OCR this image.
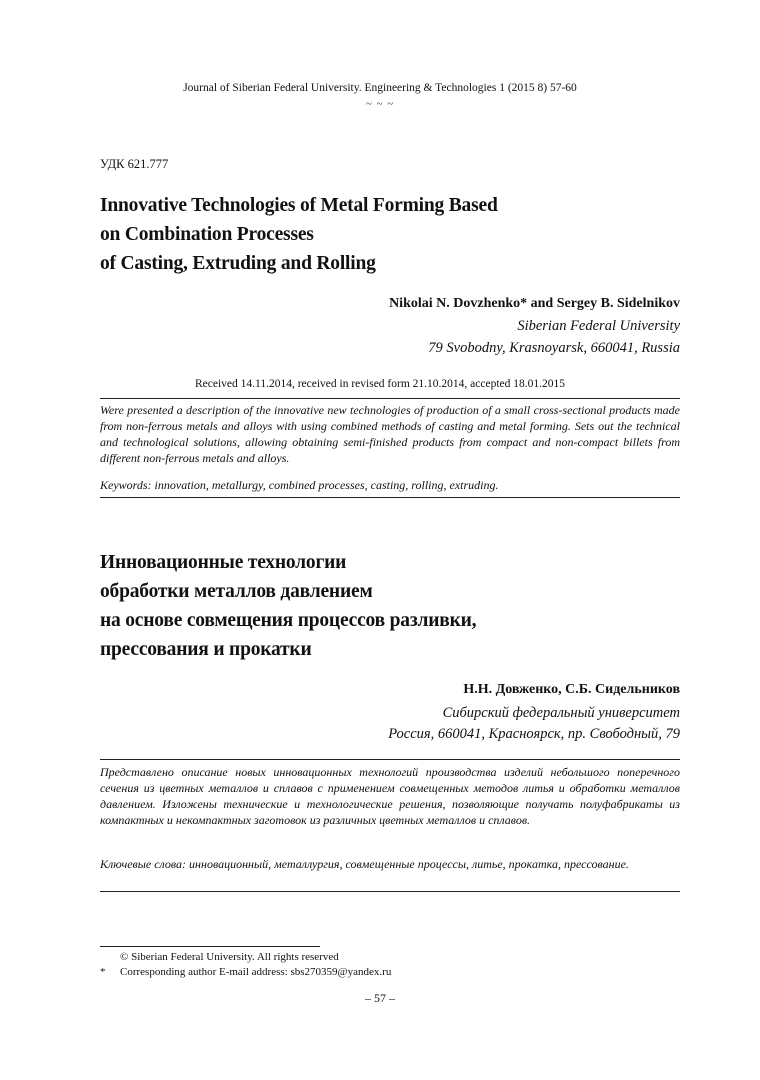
Journal of Siberian Federal University. Engineering & Technologies 1 (2015 8) 57-60
~ ~ ~
УДК 621.777
Innovative Technologies of Metal Forming Based
on Combination Processes
of Casting, Extruding and Rolling
Nikolai N. Dovzhenko* and Sergey B. Sidelnikov
Siberian Federal University
79 Svobodny, Krasnoyarsk, 660041, Russia
Received 14.11.2014, received in revised form 21.10.2014, accepted 18.01.2015
Were presented a description of the innovative new technologies of production of a small cross-sectional products made from non-ferrous metals and alloys with using combined methods of casting and metal forming. Sets out the technical and technological solutions, allowing obtaining semi-finished products from compact and non-compact billets from different non-ferrous metals and alloys.
Keywords: innovation, metallurgy, combined processes, casting, rolling, extruding.
Инновационные технологии
обработки металлов давлением
на основе совмещения процессов разливки,
прессования и прокатки
Н.Н. Довженко, С.Б. Сидельников
Сибирский федеральный университет
Россия, 660041, Красноярск, пр. Свободный, 79
Представлено описание новых инновационных технологий производства изделий небольшого поперечного сечения из цветных металлов и сплавов с применением совмещенных методов литья и обработки металлов давлением. Изложены технические и технологические решения, позволяющие получать полуфабрикаты из компактных и некомпактных заготовок из различных цветных металлов и сплавов.
Ключевые слова: инновационный, металлургия, совмещенные процессы, литье, прокатка, прессование.
© Siberian Federal University. All rights reserved
* Corresponding author E-mail address: sbs270359@yandex.ru
– 57 –
